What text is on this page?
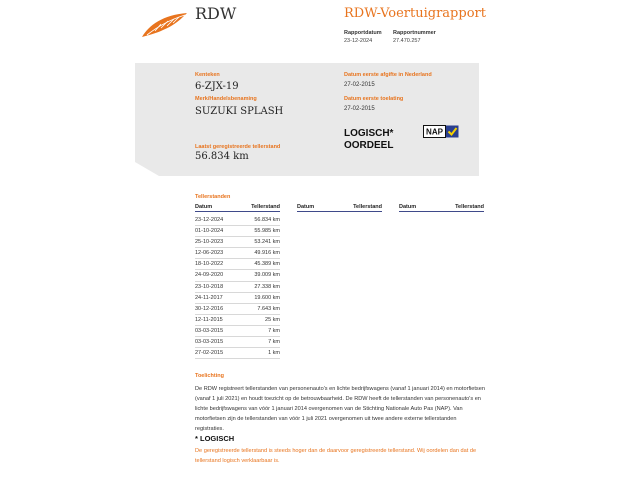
RDW	RDW-Voertuigrapport
Rapportdatum
23-12-2024
Rapportnummer
27.470.257
Kenteken
6-ZJX-19
Merk/Handelsbenaming
SUZUKI SPLASH
Laatst geregistreerde tellerstand
56.834 km
Datum eerste afgifte in Nederland
27-02-2015
Datum eerste toelating
27-02-2015
LOGISCH*
OORDEEL
NAP
Tellerstanden
Datum	Tellerstand	Datum	Tellerstand	Datum	Tellerstand
23-12-2024	56.834 km
01-10-2024	55.985 km
25-10-2023	53.241 km
12-06-2023	49.916 km
18-10-2022	45.389 km
24-09-2020	39.009 km
23-10-2018	27.338 km
24-11-2017	19.600 km
30-12-2016	7.643 km
12-11-2015	25 km
03-03-2015	7 km
03-03-2015	7 km
27-02-2015	1 km
Toelichting
De RDW registreert tellerstanden van personenauto's en lichte bedrijfswagens (vanaf 1 januari 2014) en motorfietsen (vanaf 1 juli 2021) en houdt toezicht op de betrouwbaarheid. De RDW heeft de tellerstanden van personenauto's en lichte bedrijfswagens van vóór 1 januari 2014 overgenomen van de Stichting Nationale Auto Pas (NAP). Van motorfietsen zijn de tellerstanden van vóór 1 juli 2021 overgenomen uit twee andere externe tellerstanden registraties.
* LOGISCH
De geregistreerde tellerstand is steeds hoger dan de daarvoor geregistreerde tellerstand. Wij oordelen dan dat de tellerstand logisch verklaarbaar is.
